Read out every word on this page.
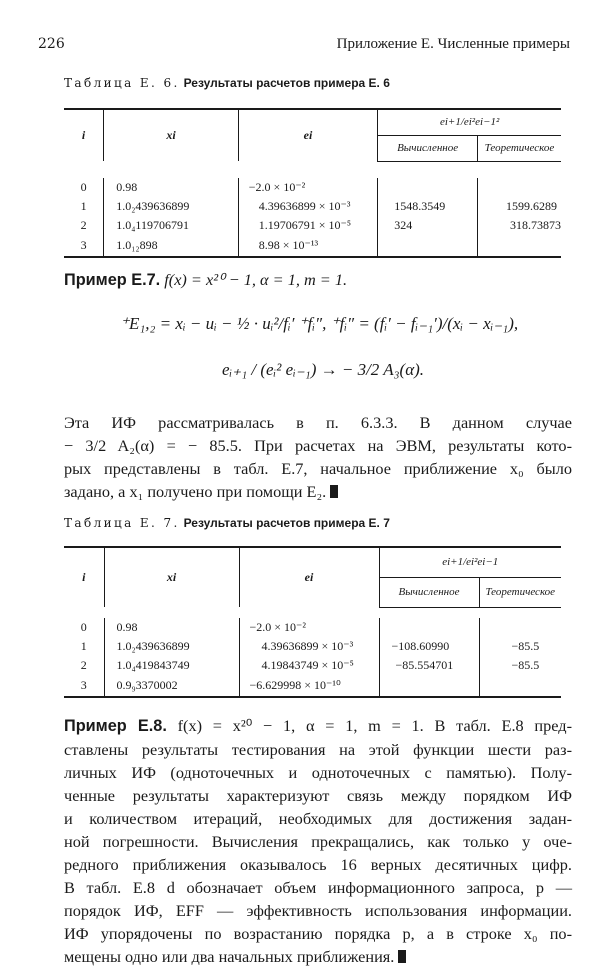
226	Приложение Е. Численные примеры
Таблица Е. 6. Результаты расчетов примера Е. 6
i	xi	ei	ei+1/ei²ei−1²	
			Вычисленное	Теоретическое

0	0.98	−2.0 × 10⁻²		
1	1.0₂439636899	4.39636899 × 10⁻³	1548.3549	1599.6289
2	1.0₄119706791	1.19706791 × 10⁻⁵	324	318.73873
3	1.0₁₂898	8.98 × 10⁻¹³		

Пример Е.7. f(x) = x²⁰ − 1, α = 1, m = 1.

⁺E₁,₂ = xᵢ − uᵢ − ½ · uᵢ²/fᵢ′ ⁺fᵢ″, ⁺fᵢ″ = (fᵢ′ − fᵢ₋₁′)/(xᵢ − xᵢ₋₁),
eᵢ₊₁ / (eᵢ² eᵢ₋₁) → − 3/2 A₃(α).

Эта ИФ рассматривалась в п. 6.3.3. В данном случае

− 3/2 A₂(α) = − 85.5. При расчетах на ЭВМ, результаты кото-

рых представлены в табл. Е.7, начальное приближение x₀ было

задано, а x₁ получено при помощи E₂.

Таблица Е. 7. Результаты расчетов примера Е. 7
i	xi	ei	ei+1/ei²ei−1	
			Вычисленное	Теоретическое

0	0.98	−2.0 × 10⁻²		
1	1.0₂439636899	4.39636899 × 10⁻³	−108.60990	−85.5
2	1.0₄419843749	4.19843749 × 10⁻⁵	−85.554701	−85.5
3	0.9₉3370002	−6.629998 × 10⁻¹⁰		

Пример Е.8. f(x) = x²⁰ − 1, α = 1, m = 1. В табл. Е.8 пред-

ставлены результаты тестирования на этой функции шести раз-

личных ИФ (одноточечных и одноточечных с памятью). Полу-

ченные результаты характеризуют связь между порядком ИФ

и количеством итераций, необходимых для достижения задан-

ной погрешности. Вычисления прекращались, как только у оче-

редного приближения оказывалось 16 верных десятичных цифр.

В табл. Е.8 d обозначает объем информационного запроса, p —

порядок ИФ, EFF — эффективность использования информации.

ИФ упорядочены по возрастанию порядка p, а в строке x₀ по-

мещены одно или два начальных приближения.
